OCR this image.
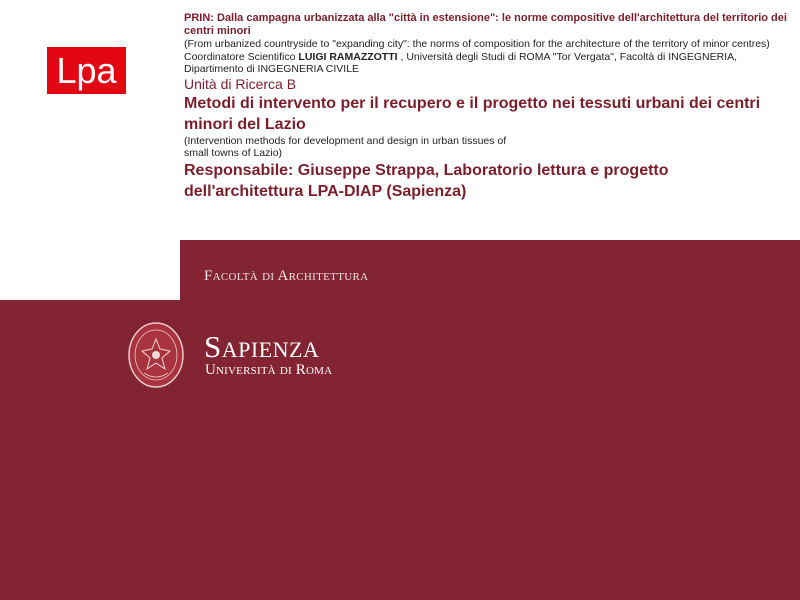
Lpa
PRIN: Dalla campagna urbanizzata alla "città in estensione": le norme compositive dell'architettura del territorio dei centri minori
(From urbanized countryside to "expanding city": the norms of composition for the architecture of the territory of minor centres)
Coordinatore Scientifico LUIGI RAMAZZOTTI , Università degli Studi di ROMA "Tor Vergata", Facoltà di INGEGNERIA, Dipartimento di INGEGNERIA CIVILE
Unità di Ricerca B
Metodi di intervento per il recupero e il progetto nei tessuti urbani dei centri minori del Lazio
(Intervention methods for development and design in urban tissues of
small towns of Lazio)
Responsabile: Giuseppe Strappa, Laboratorio lettura e progetto dell'architettura LPA-DIAP (Sapienza)
Facoltà di Architettura
Sapienza
Università di Roma
